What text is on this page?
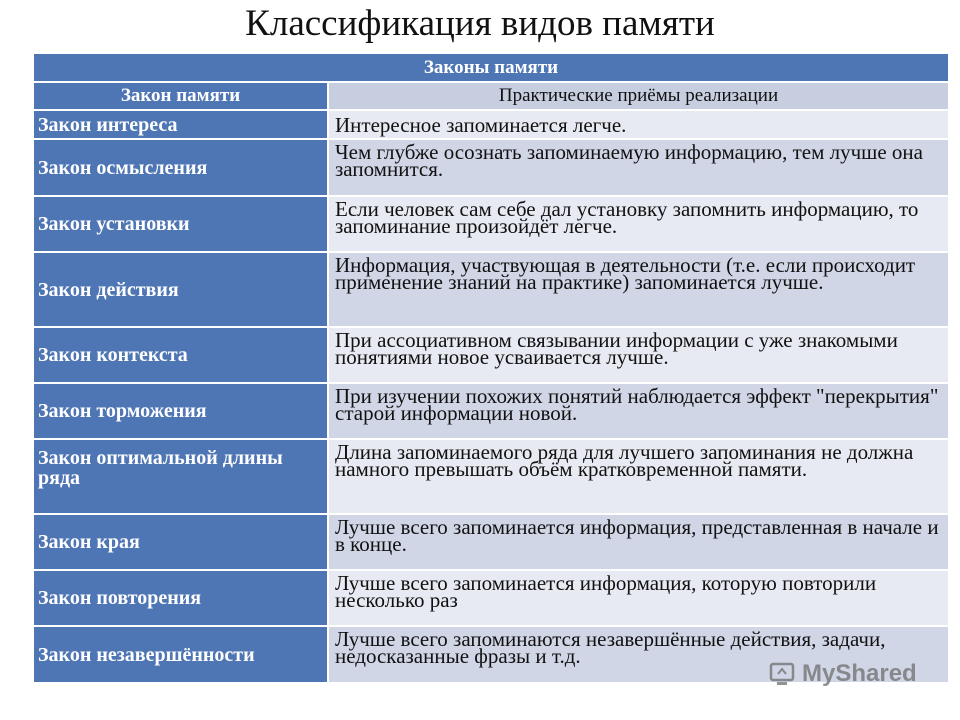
Классификация видов памяти
Законы памяти	
Закон памяти	Практические приёмы реализации
Закон интереса	Интересное запоминается легче.
Закон осмысления	Чем глубже осознать запоминаемую информацию, тем лучше она запомнится.
Закон установки	Если человек сам себе дал установку запомнить информацию, то запоминание произойдёт легче.
Закон действия	Информация, участвующая в деятельности (т.е. если происходит применение знаний на практике) запоминается лучше.
Закон контекста	При ассоциативном связывании информации с уже знакомыми понятиями новое усваивается лучше.
Закон торможения	При изучении похожих понятий наблюдается эффект "перекрытия" старой информации новой.
Закон оптимальной длины ряда	Длина запоминаемого ряда для лучшего запоминания не должна намного превышать объём кратковременной памяти.
Закон края	Лучше всего запоминается информация, представленная в начале и в конце.
Закон повторения	Лучше всего запоминается информация, которую повторили несколько раз
Закон незавершённости	Лучше всего запоминаются незавершённые действия, задачи, недосказанные фразы и т.д.
MyShared
